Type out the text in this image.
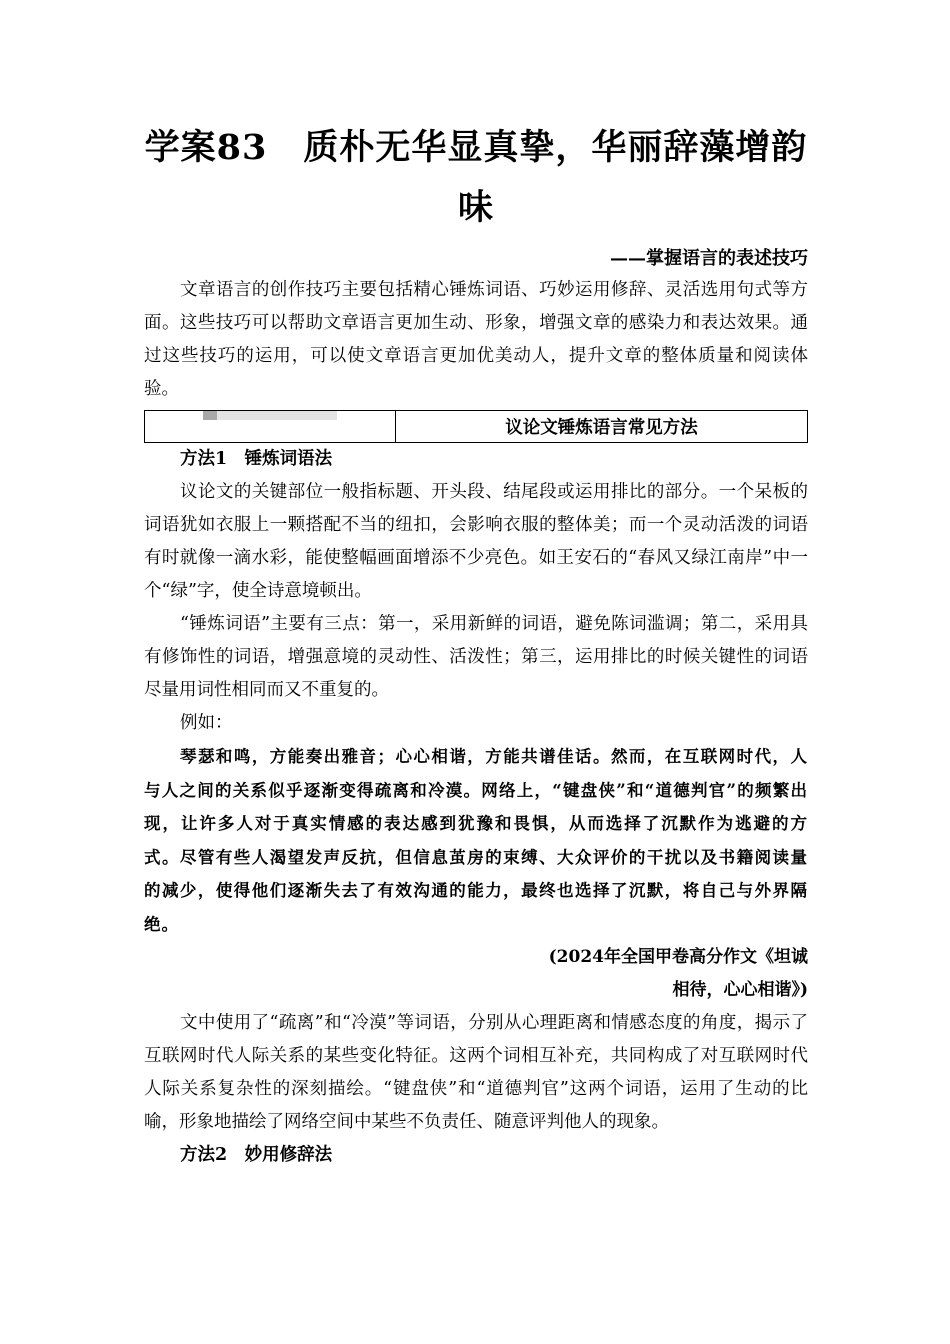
学案83　质朴无华显真挚，华丽辞藻增韵
味
——掌握语言的表述技巧

文章语言的创作技巧主要包括精心锤炼词语、巧妙运用修辞、灵活选用句式等方面。这些技巧可以帮助文章语言更加生动、形象，增强文章的感染力和表达效果。通过这些技巧的运用，可以使文章语言更加优美动人，提升文章的整体质量和阅读体验。

	议论文锤炼语言常见方法

方法1　锤炼词语法

议论文的关键部位一般指标题、开头段、结尾段或运用排比的部分。一个呆板的词语犹如衣服上一颗搭配不当的纽扣，会影响衣服的整体美；而一个灵动活泼的词语有时就像一滴水彩，能使整幅画面增添不少亮色。如王安石的“春风又绿江南岸”中一个“绿”字，使全诗意境顿出。

“锤炼词语”主要有三点：第一，采用新鲜的词语，避免陈词滥调；第二，采用具有修饰性的词语，增强意境的灵动性、活泼性；第三，运用排比的时候关键性的词语尽量用词性相同而又不重复的。

例如：

琴瑟和鸣，方能奏出雅音；心心相谐，方能共谱佳话。然而，在互联网时代，人与人之间的关系似乎逐渐变得疏离和冷漠。网络上，“键盘侠”和“道德判官”的频繁出现，让许多人对于真实情感的表达感到犹豫和畏惧，从而选择了沉默作为逃避的方式。尽管有些人渴望发声反抗，但信息茧房的束缚、大众评价的干扰以及书籍阅读量的减少，使得他们逐渐失去了有效沟通的能力，最终也选择了沉默，将自己与外界隔绝。

(2024年全国甲卷高分作文《坦诚
相待，心心相谐》)

文中使用了“疏离”和“冷漠”等词语，分别从心理距离和情感态度的角度，揭示了互联网时代人际关系的某些变化特征。这两个词相互补充，共同构成了对互联网时代人际关系复杂性的深刻描绘。“键盘侠”和“道德判官”这两个词语，运用了生动的比喻，形象地描绘了网络空间中某些不负责任、随意评判他人的现象。

方法2　妙用修辞法
